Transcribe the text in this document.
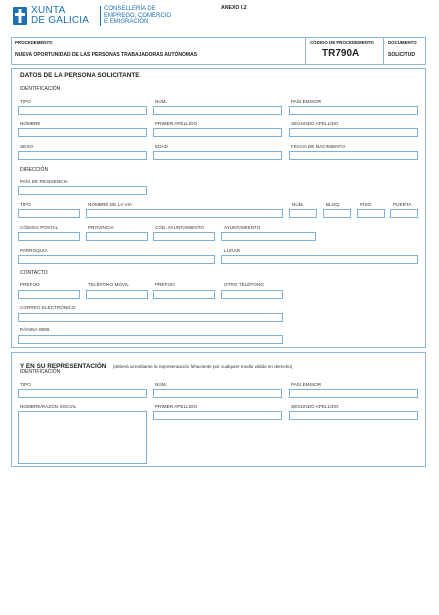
XUNTA
DE GALICIA
CONSELLERÍA DE
EMPREGO, COMERCIO
E EMIGRACIÓN
ANEXO I.2
PROCEDEMENTO
NUEVA OPORTUNIDAD DE LAS PERSONAS TRABAJADORAS AUTÓNOMAS
CÓDIGO DE PROCEDEMENTO
TR790A
DOCUMENTO
SOLICITUD
DATOS DE LA PERSONA SOLICITANTE
IDENTIFICACIÓN
TIPO	NÚM.	PAÍS EMISOR
NOMBRE	PRIMER APELLIDO	SEGUNDO APELLIDO
SEXO	EDAD	FECHA DE NACIMIENTO
DIRECCIÓN
PAÍS DE RESIDENCIA
TIPO	NOMBRE DE LA VÍA	NÚM.	BLOQ.	PISO	PUERTA
CÓDIGO POSTAL	PROVINCIA	CÓD. AYUNTAMIENTO	AYUNTAMIENTO
PARROQUIA	LUGAR
CONTACTO
PREFIJO	TELÉFONO MÓVIL	PREFIJO	OTRO TELÉFONO
CORREO ELECTRÓNICO
PÁGINA WEB
Y EN SU REPRESENTACIÓN (deberá acreditarse la representación fehaciente por cualquier medio válido en derecho)
IDENTIFICACIÓN
TIPO	NÚM.	PAÍS EMISOR
NOMBRE/RAZÓN SOCIAL	PRIMER APELLIDO	SEGUNDO APELLIDO
